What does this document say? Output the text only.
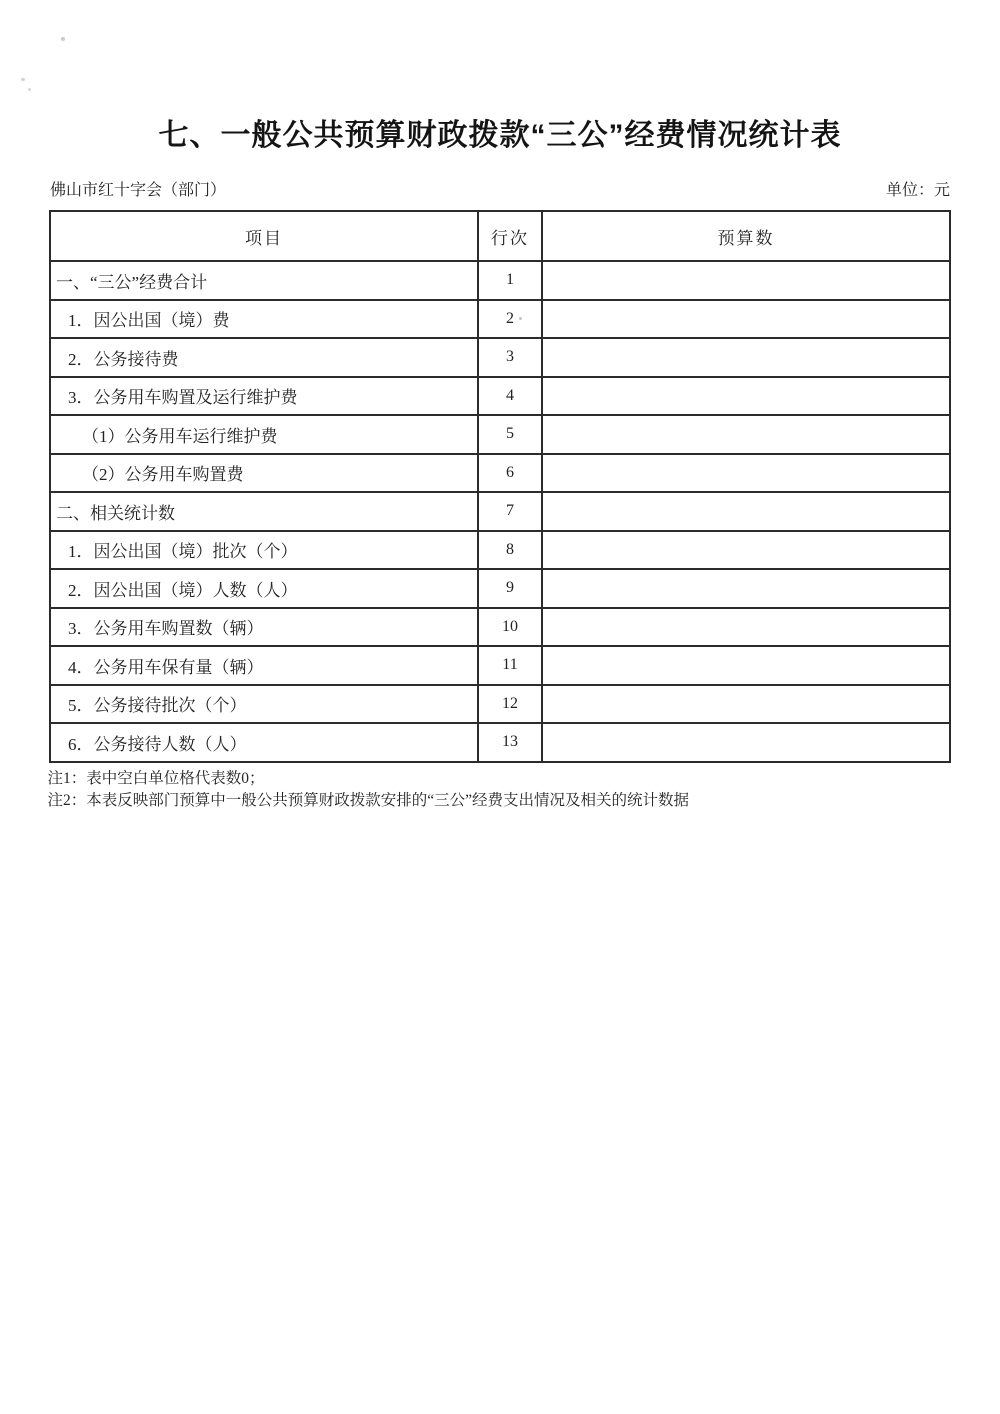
七、一般公共预算财政拨款“三公”经费情况统计表
佛山市红十字会（部门）	单位：元
项目	行次	预算数
一、“三公”经费合计	1	
1．因公出国（境）费	2	
2．公务接待费	3	
3．公务用车购置及运行维护费	4	
（1）公务用车运行维护费	5	
（2）公务用车购置费	6	
二、相关统计数	7	
1．因公出国（境）批次（个）	8	
2．因公出国（境）人数（人）	9	
3．公务用车购置数（辆）	10	
4．公务用车保有量（辆）	11	
5．公务接待批次（个）	12	
6．公务接待人数（人）	13	
注1：表中空白单位格代表数0；
注2：本表反映部门预算中一般公共预算财政拨款安排的“三公”经费支出情况及相关的统计数据
